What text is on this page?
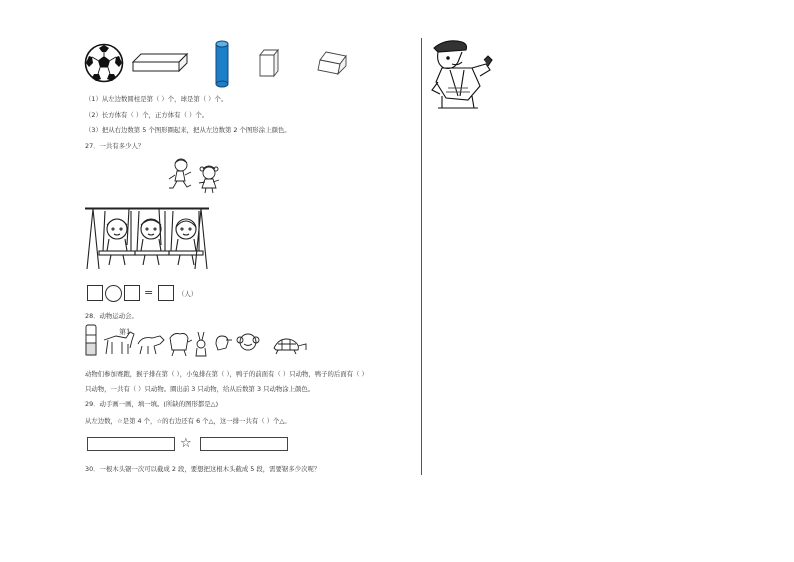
（1）从左边数圆柱是第（ ）个，球是第（ ）个。
（2）长方体有（ ）个，正方体有（ ）个。
（3）把从右边数第 5 个图形圈起来，把从左边数第 2 个图形涂上颜色。
27．一共有多少人？
=	（人）
28．动物运动会。
第1
动物们参加赛跑，猴子排在第（ ），小兔排在第（ ），鸭子的前面有（ ）只动物，鸭子的后面有（ ）
只动物，一共有（ ）只动物。圈出前 3 只动物，给从后数第 3 只动物涂上颜色。
29．动手画一画，填一填。(所缺的图形都是△)
从左边数，☆是第 4 个，☆的右边还有 6 个△，这一排一共有（ ）个△。
☆
30．一根木头锯一次可以截成 2 段，要想把这根木头截成 5 段，需要锯多少次呢？
